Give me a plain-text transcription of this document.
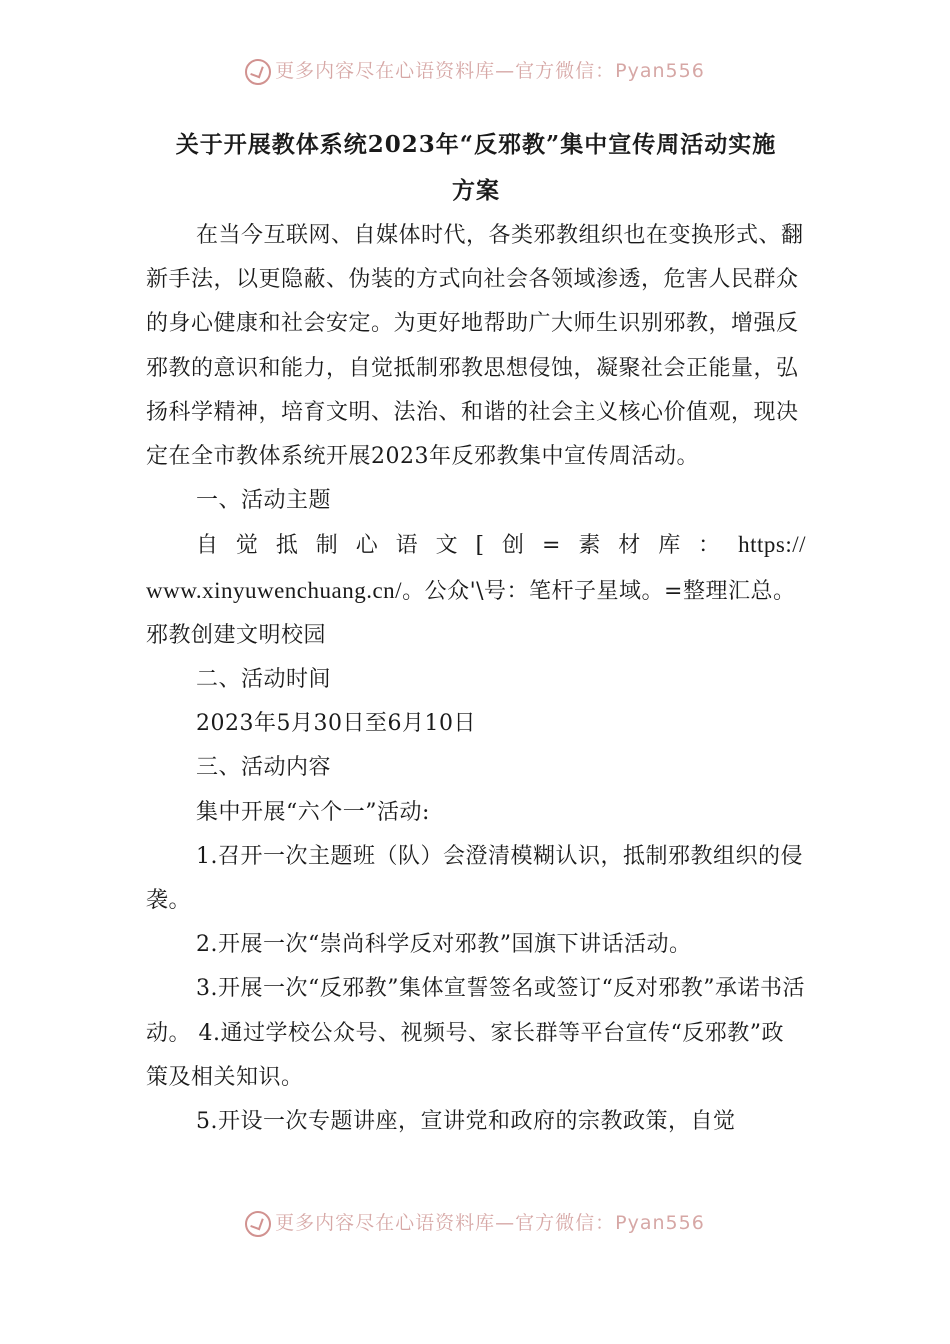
更多内容尽在心语资料库—官方微信：Pyan556
关于开展教体系统2023年“反邪教”集中宣传周活动实施
方案

在当今互联网、自媒体时代，各类邪教组织也在变换形式、翻新手法，以更隐蔽、伪装的方式向社会各领域渗透，危害人民群众的身心健康和社会安定。为更好地帮助广大师生识别邪教，增强反邪教的意识和能力，自觉抵制邪教思想侵蚀，凝聚社会正能量，弘扬科学精神，培育文明、法治、和谐的社会主义核心价值观，现决定在全市教体系统开展2023年反邪教集中宣传周活动。

一、活动主题

自觉抵制心语文[创=素材库：https://

www.xinyuwenchuang.cn/。公众'\号：笔杆子星域。=整理汇总。邪教创建文明校园

二、活动时间

2023年5月30日至6月10日

三、活动内容

集中开展“六个一”活动:

1.召开一次主题班（队）会澄清模糊认识，抵制邪教组织的侵袭。

2.开展一次“崇尚科学反对邪教”国旗下讲话活动。

3.开展一次“反邪教”集体宣誓签名或签订“反对邪教”承诺书活动。 4.通过学校公众号、视频号、家长群等平台宣传“反邪教”政策及相关知识。

5.开设一次专题讲座，宣讲党和政府的宗教政策，自觉

更多内容尽在心语资料库—官方微信：Pyan556
